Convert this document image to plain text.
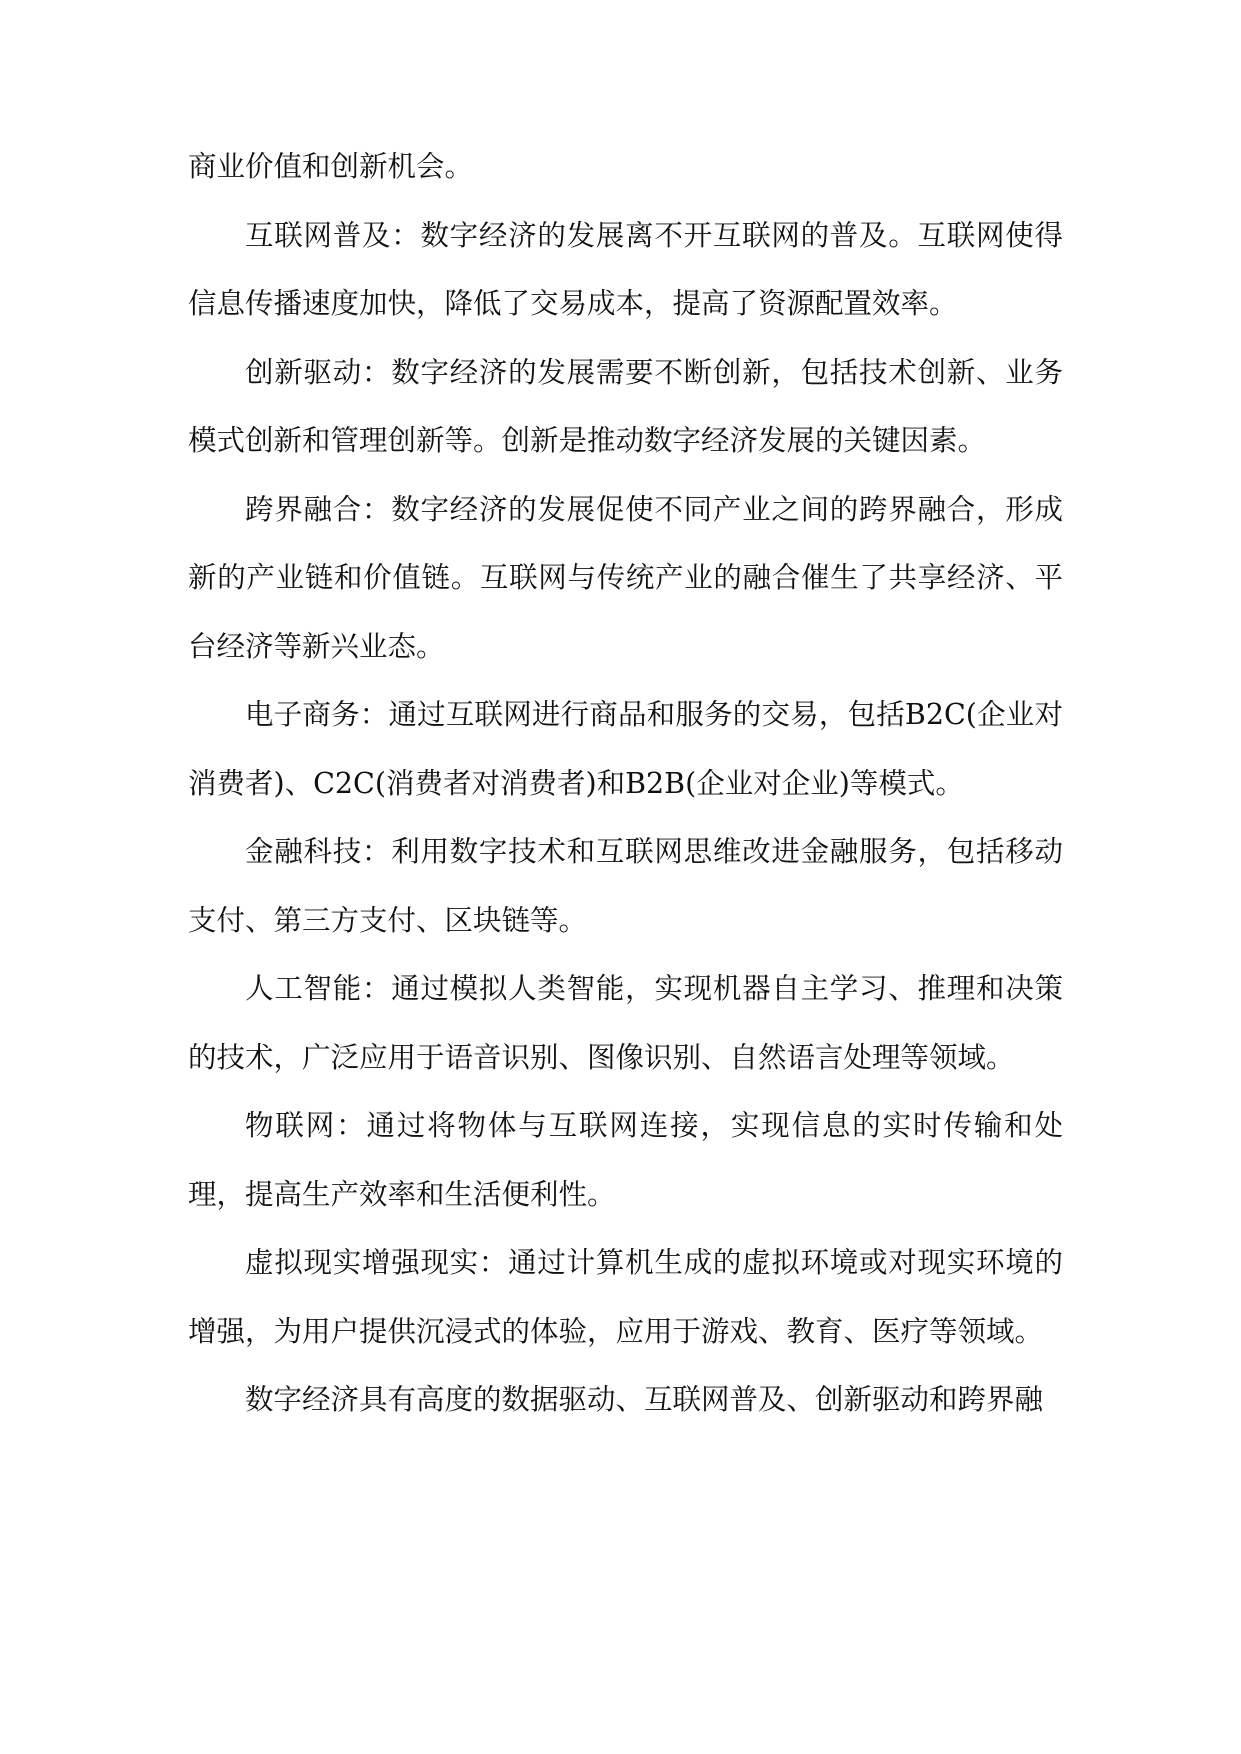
商业价值和创新机会。

互联网普及：数字经济的发展离不开互联网的普及。互联网使得信息传播速度加快，降低了交易成本，提高了资源配置效率。

创新驱动：数字经济的发展需要不断创新，包括技术创新、业务模式创新和管理创新等。创新是推动数字经济发展的关键因素。

跨界融合：数字经济的发展促使不同产业之间的跨界融合，形成新的产业链和价值链。互联网与传统产业的融合催生了共享经济、平台经济等新兴业态。

电子商务：通过互联网进行商品和服务的交易，包括B2C(企业对消费者)、C2C(消费者对消费者)和B2B(企业对企业)等模式。

金融科技：利用数字技术和互联网思维改进金融服务，包括移动支付、第三方支付、区块链等。

人工智能：通过模拟人类智能，实现机器自主学习、推理和决策的技术，广泛应用于语音识别、图像识别、自然语言处理等领域。

物联网：通过将物体与互联网连接，实现信息的实时传输和处理，提高生产效率和生活便利性。

虚拟现实增强现实：通过计算机生成的虚拟环境或对现实环境的增强，为用户提供沉浸式的体验，应用于游戏、教育、医疗等领域。

数字经济具有高度的数据驱动、互联网普及、创新驱动和跨界融
